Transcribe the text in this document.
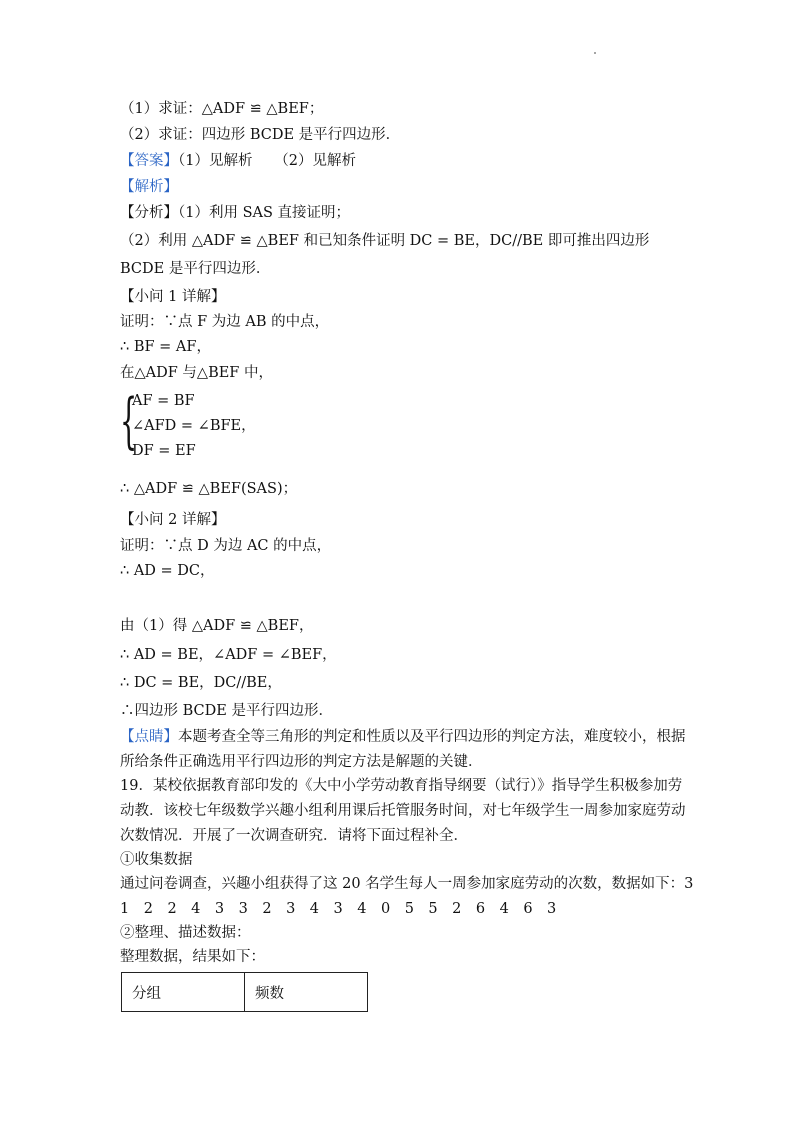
（1）求证：△ADF ≌ △BEF；
（2）求证：四边形 BCDE 是平行四边形．
【答案】（1）见解析　　（2）见解析
【解析】
【分析】（1）利用 SAS 直接证明；
（2）利用 △ADF ≌ △BEF 和已知条件证明 DC = BE，DC//BE 即可推出四边形
BCDE 是平行四边形．
【小问 1 详解】
证明：∵点 F 为边 AB 的中点，
∴ BF = AF，
在△ADF 与△BEF 中，
{
AF = BF
∠AFD = ∠BFE，
DF = EF
∴ △ADF ≌ △BEF(SAS)；
【小问 2 详解】
证明：∵点 D 为边 AC 的中点，
∴ AD = DC，
由（1）得 △ADF ≌ △BEF，
∴ AD = BE，∠ADF = ∠BEF，
∴ DC = BE，DC//BE，
∴四边形 BCDE 是平行四边形．
【点睛】本题考查全等三角形的判定和性质以及平行四边形的判定方法，难度较小，根据
所给条件正确选用平行四边形的判定方法是解题的关键．
19．某校依据教育部印发的《大中小学劳动教育指导纲要（试行）》指导学生积极参加劳
动教．该校七年级数学兴趣小组利用课后托管服务时间，对七年级学生一周参加家庭劳动
次数情况．开展了一次调查研究．请将下面过程补全．
①收集数据
通过问卷调查，兴趣小组获得了这 20 名学生每人一周参加家庭劳动的次数，数据如下：3
1　2　2　4　3　3　2　3　4　3　4　0　5　5　2　6　4　6　3
②整理、描述数据：
整理数据，结果如下：
分组	频数
